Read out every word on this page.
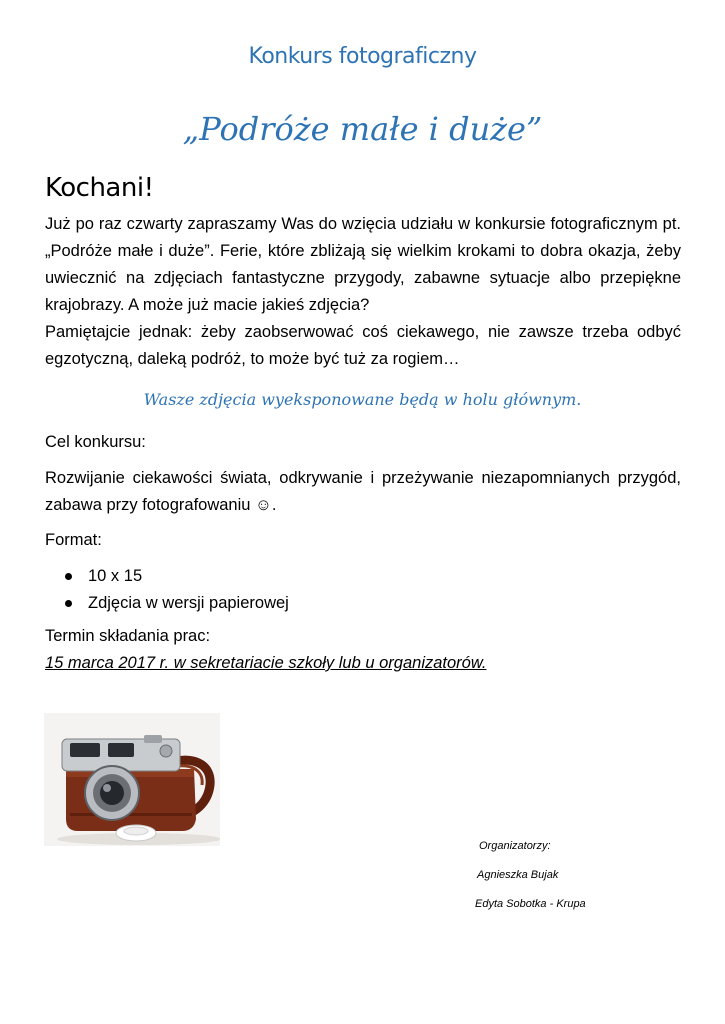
Konkurs fotograficzny
„Podróże małe i duże”
Kochani!

Już po raz czwarty zapraszamy Was do wzięcia udziału w konkursie fotograficznym pt. „Podróże małe i duże”. Ferie, które zbliżają się wielkim krokami to dobra okazja, żeby uwiecznić na zdjęciach fantastyczne przygody, zabawne sytuacje albo przepiękne krajobrazy. A może już macie jakieś zdjęcia?

Pamiętajcie jednak: żeby zaobserwować coś ciekawego, nie zawsze trzeba odbyć egzotyczną, daleką podróż, to może być tuż za rogiem…

Wasze zdjęcia wyeksponowane będą w holu głównym.
Cel konkursu:
Rozwijanie ciekawości świata, odkrywanie i przeżywanie niezapomnianych przygód, zabawa przy fotografowaniu ☺.
Format:
10 x 15
Zdjęcia w wersji papierowej
Termin składania prac:
15 marca 2017 r. w sekretariacie szkoły lub u organizatorów.
Organizatorzy:
Agnieszka Bujak
Edyta Sobotka - Krupa
